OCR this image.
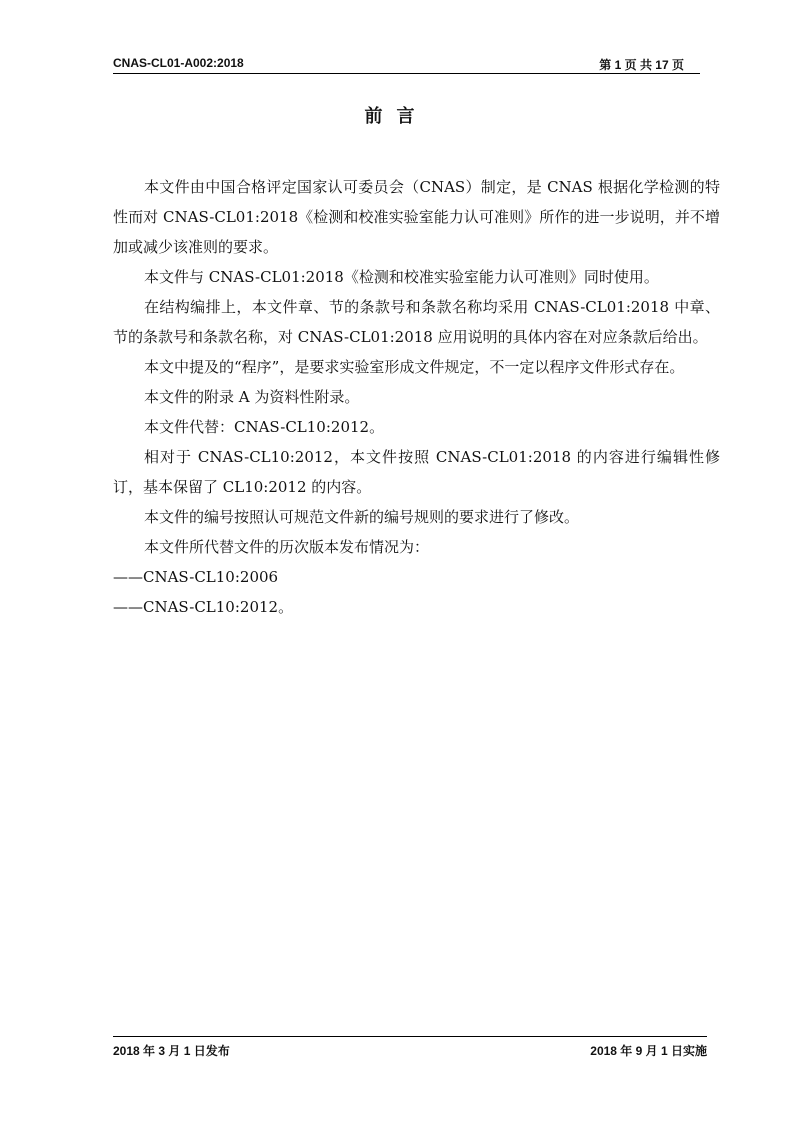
CNAS-CL01-A002:2018	第 1 页 共 17 页
前言

本文件由中国合格评定国家认可委员会（CNAS）制定，是 CNAS 根据化学检测的特性而对 CNAS-CL01:2018《检测和校准实验室能力认可准则》所作的进一步说明，并不增加或减少该准则的要求。

本文件与 CNAS-CL01:2018《检测和校准实验室能力认可准则》同时使用。

在结构编排上，本文件章、节的条款号和条款名称均采用 CNAS-CL01:2018 中章、节的条款号和条款名称，对 CNAS-CL01:2018 应用说明的具体内容在对应条款后给出。

本文中提及的“程序”，是要求实验室形成文件规定，不一定以程序文件形式存在。

本文件的附录 A 为资料性附录。

本文件代替：CNAS-CL10:2012。

相对于 CNAS-CL10:2012，本文件按照 CNAS-CL01:2018 的内容进行编辑性修订，基本保留了 CL10:2012 的内容。

本文件的编号按照认可规范文件新的编号规则的要求进行了修改。

本文件所代替文件的历次版本发布情况为：

——CNAS-CL10:2006

——CNAS-CL10:2012。

2018 年 3 月 1 日发布	2018 年 9 月 1 日实施
